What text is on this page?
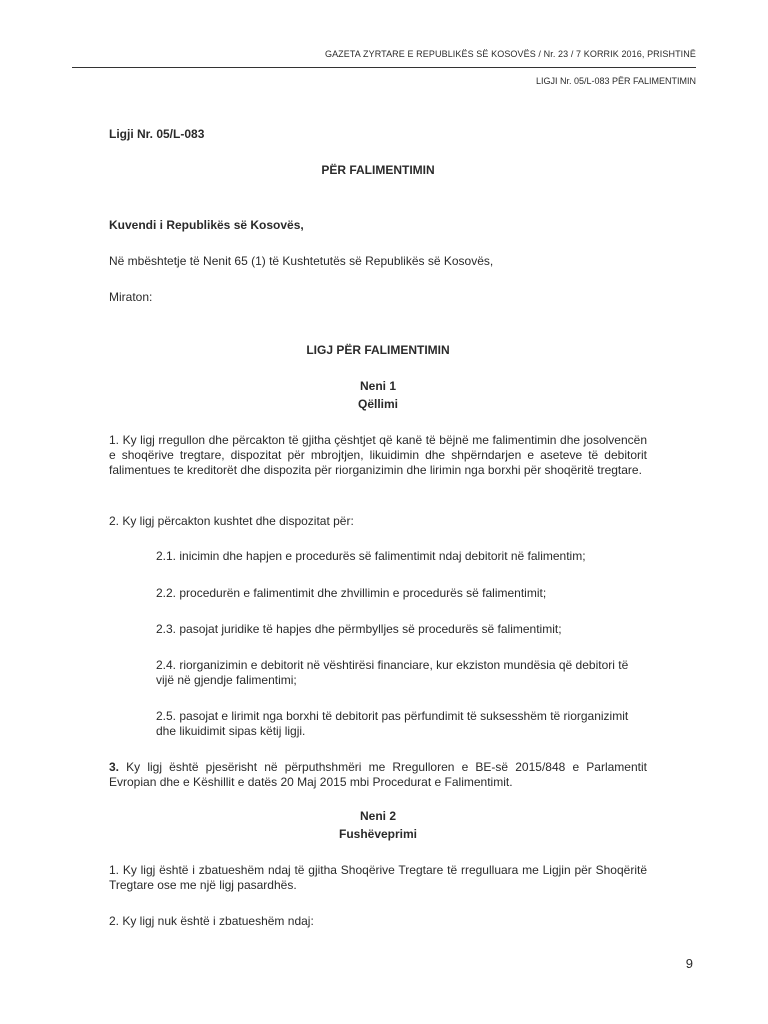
GAZETA ZYRTARE E REPUBLIKËS SË KOSOVËS / Nr. 23 / 7 KORRIK 2016, PRISHTINË
LIGJI Nr. 05/L-083 PËR FALIMENTIMIN
Ligji Nr. 05/L-083
PËR FALIMENTIMIN
Kuvendi i Republikës së Kosovës,
Në mbështetje të Nenit 65 (1) të Kushtetutës së Republikës së Kosovës,
Miraton:
LIGJ PËR FALIMENTIMIN
Neni 1
Qëllimi
1. Ky ligj rregullon dhe përcakton të gjitha çështjet që kanë të bëjnë me falimentimin dhe josolvencën e shoqërive tregtare, dispozitat për mbrojtjen, likuidimin dhe shpërndarjen e aseteve të debitorit falimentues te kreditorët dhe dispozita për riorganizimin dhe lirimin nga borxhi për shoqëritë tregtare.
2. Ky ligj përcakton kushtet dhe dispozitat për:
2.1. inicimin dhe hapjen e procedurës së falimentimit ndaj debitorit në falimentim;
2.2. procedurën e falimentimit dhe zhvillimin e procedurës së falimentimit;
2.3. pasojat juridike të hapjes dhe përmbylljes së procedurës së falimentimit;
2.4. riorganizimin e debitorit në vështirësi financiare, kur ekziston mundësia që debitori të vijë në gjendje falimentimi;
2.5. pasojat e lirimit nga borxhi të debitorit pas përfundimit të suksesshëm të riorganizimit dhe likuidimit sipas këtij ligji.
3. Ky ligj është pjesërisht në përputhshmëri me Rregulloren e BE-së 2015/848 e Parlamentit Evropian dhe e Këshillit e datës 20 Maj 2015 mbi Procedurat e Falimentimit.
Neni 2
Fushëveprimi
1. Ky ligj është i zbatueshëm ndaj të gjitha Shoqërive Tregtare të rregulluara me Ligjin për Shoqëritë Tregtare ose me një ligj pasardhës.
2. Ky ligj nuk është i zbatueshëm ndaj:
9
